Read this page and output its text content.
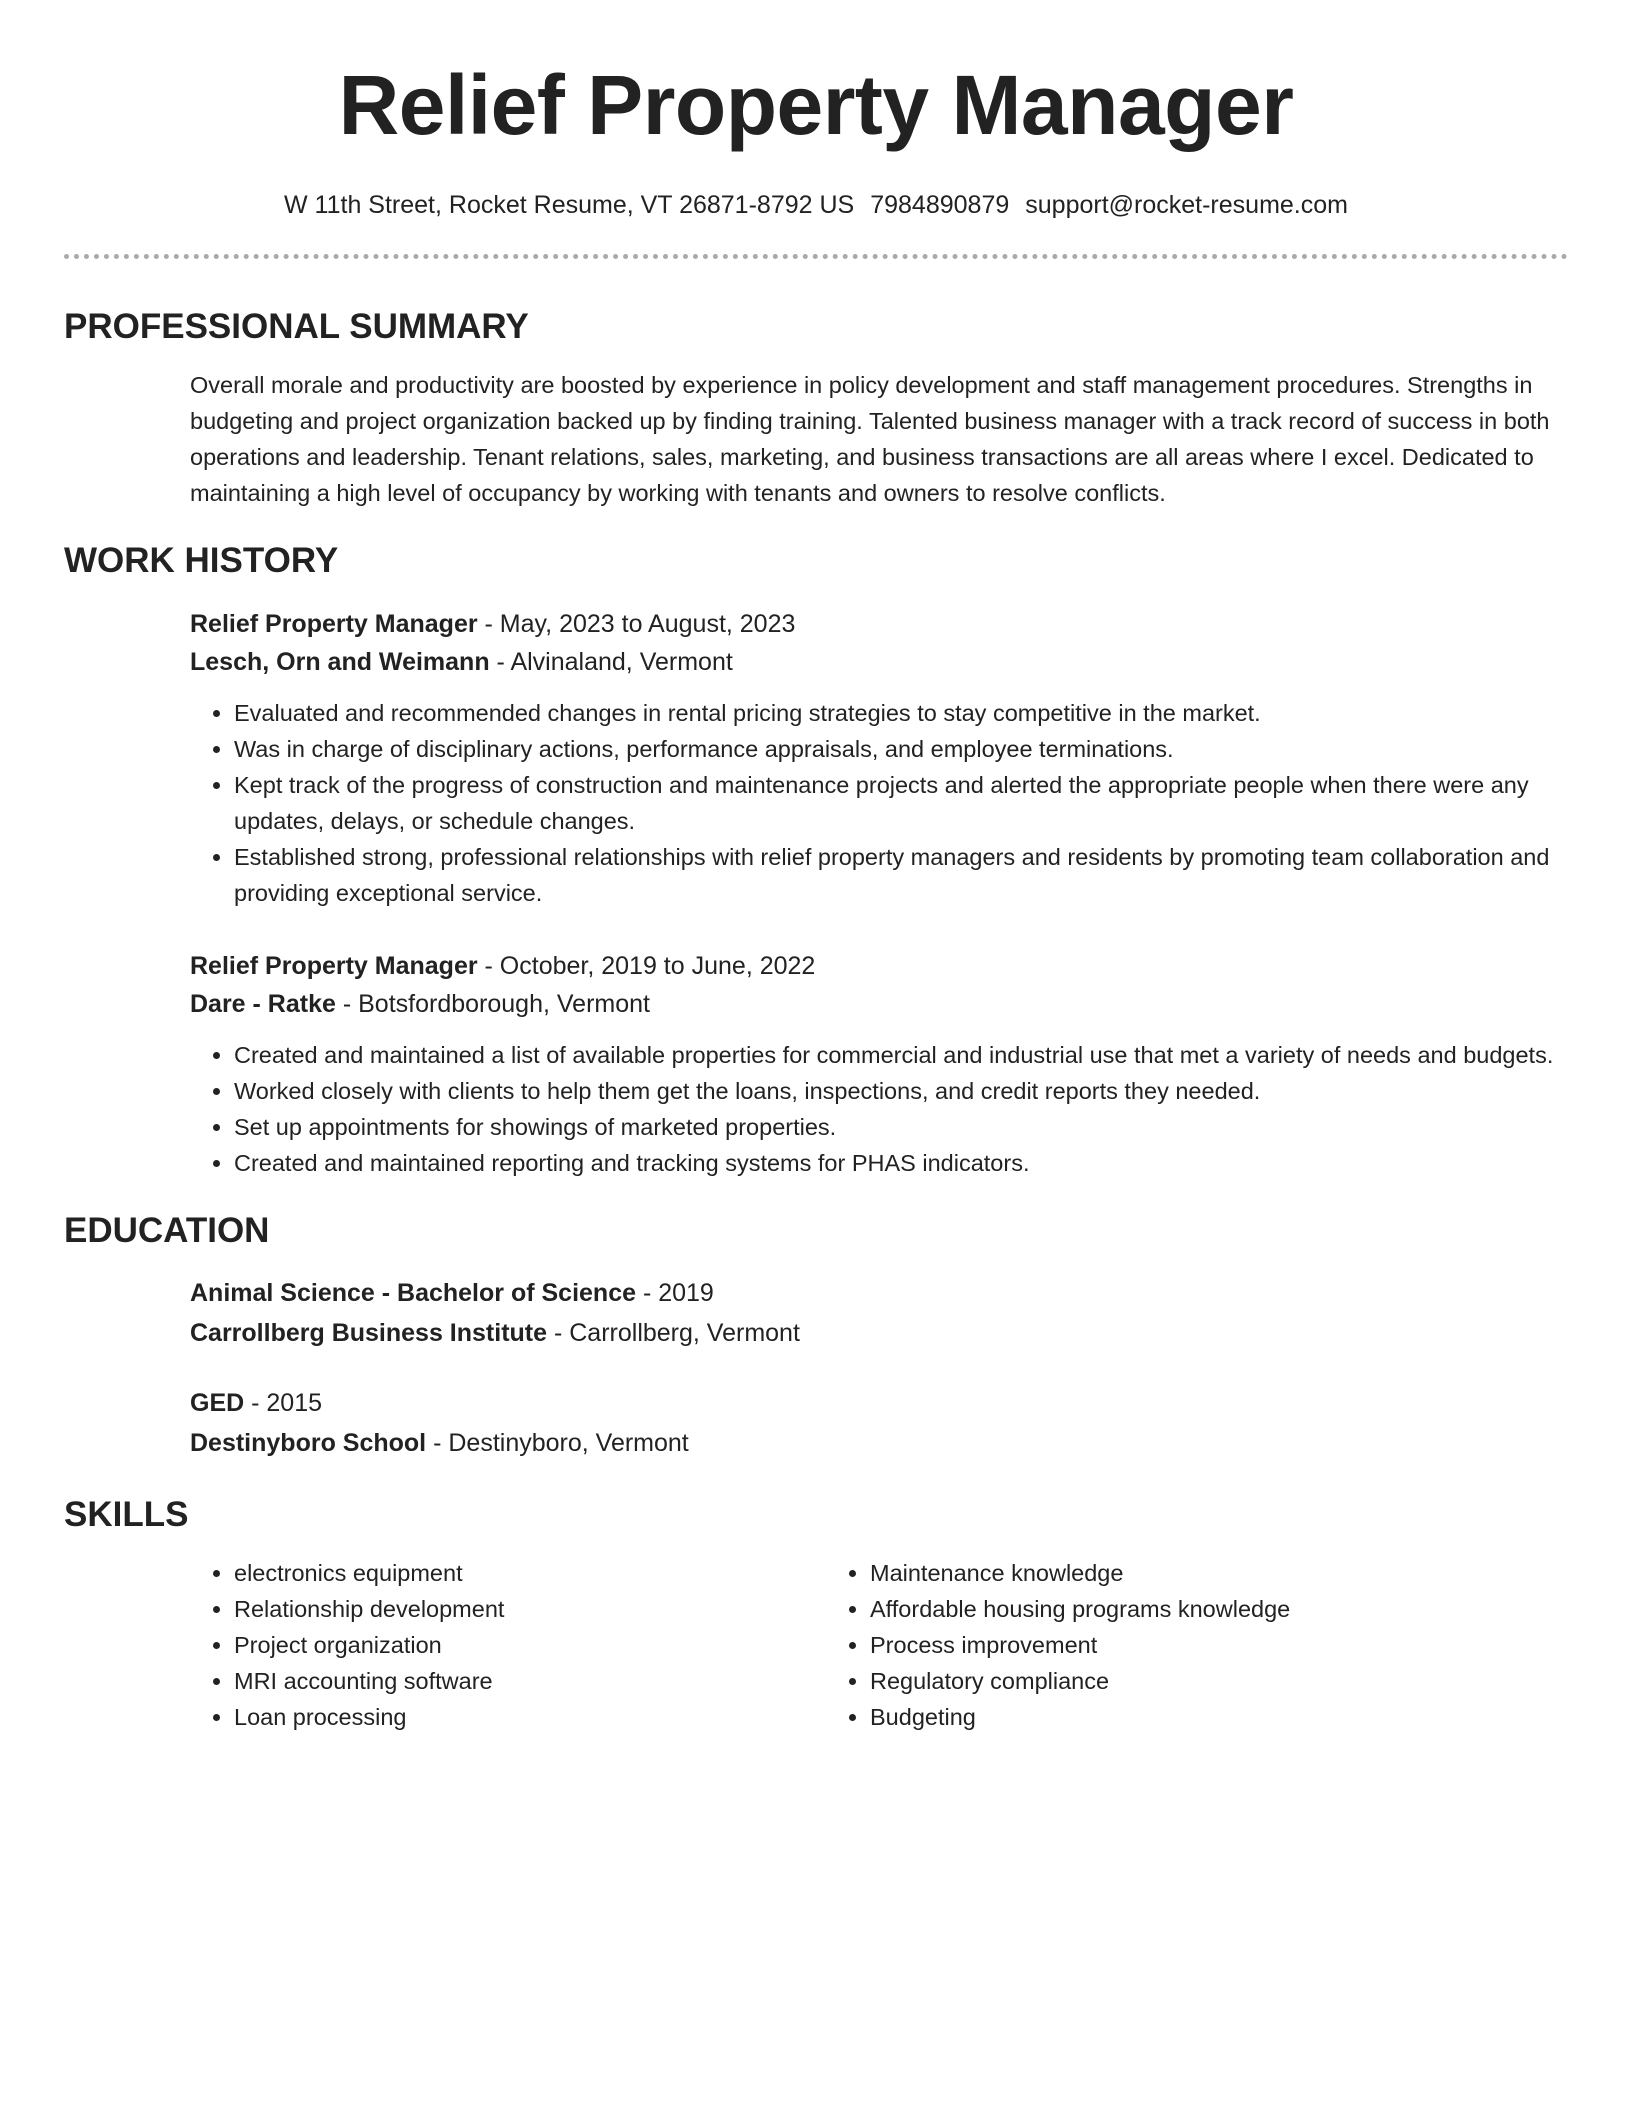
Relief Property Manager
W 11th Street, Rocket Resume, VT 26871-8792 US 7984890879 support@rocket-resume.com
PROFESSIONAL SUMMARY
Overall morale and productivity are boosted by experience in policy development and staff management procedures. Strengths in budgeting and project organization backed up by finding training. Talented business manager with a track record of success in both operations and leadership. Tenant relations, sales, marketing, and business transactions are all areas where I excel. Dedicated to maintaining a high level of occupancy by working with tenants and owners to resolve conflicts.
WORK HISTORY
Relief Property Manager - May, 2023 to August, 2023
Lesch, Orn and Weimann - Alvinaland, Vermont
• Evaluated and recommended changes in rental pricing strategies to stay competitive in the market.
• Was in charge of disciplinary actions, performance appraisals, and employee terminations.
• Kept track of the progress of construction and maintenance projects and alerted the appropriate people when there were any updates, delays, or schedule changes.
• Established strong, professional relationships with relief property managers and residents by promoting team collaboration and providing exceptional service.
Relief Property Manager - October, 2019 to June, 2022
Dare - Ratke - Botsfordborough, Vermont
• Created and maintained a list of available properties for commercial and industrial use that met a variety of needs and budgets.
• Worked closely with clients to help them get the loans, inspections, and credit reports they needed.
• Set up appointments for showings of marketed properties.
• Created and maintained reporting and tracking systems for PHAS indicators.
EDUCATION
Animal Science - Bachelor of Science - 2019
Carrollberg Business Institute - Carrollberg, Vermont
GED - 2015
Destinyboro School - Destinyboro, Vermont
SKILLS
• electronics equipment
• Relationship development
• Project organization
• MRI accounting software
• Loan processing
• Maintenance knowledge
• Affordable housing programs knowledge
• Process improvement
• Regulatory compliance
• Budgeting
